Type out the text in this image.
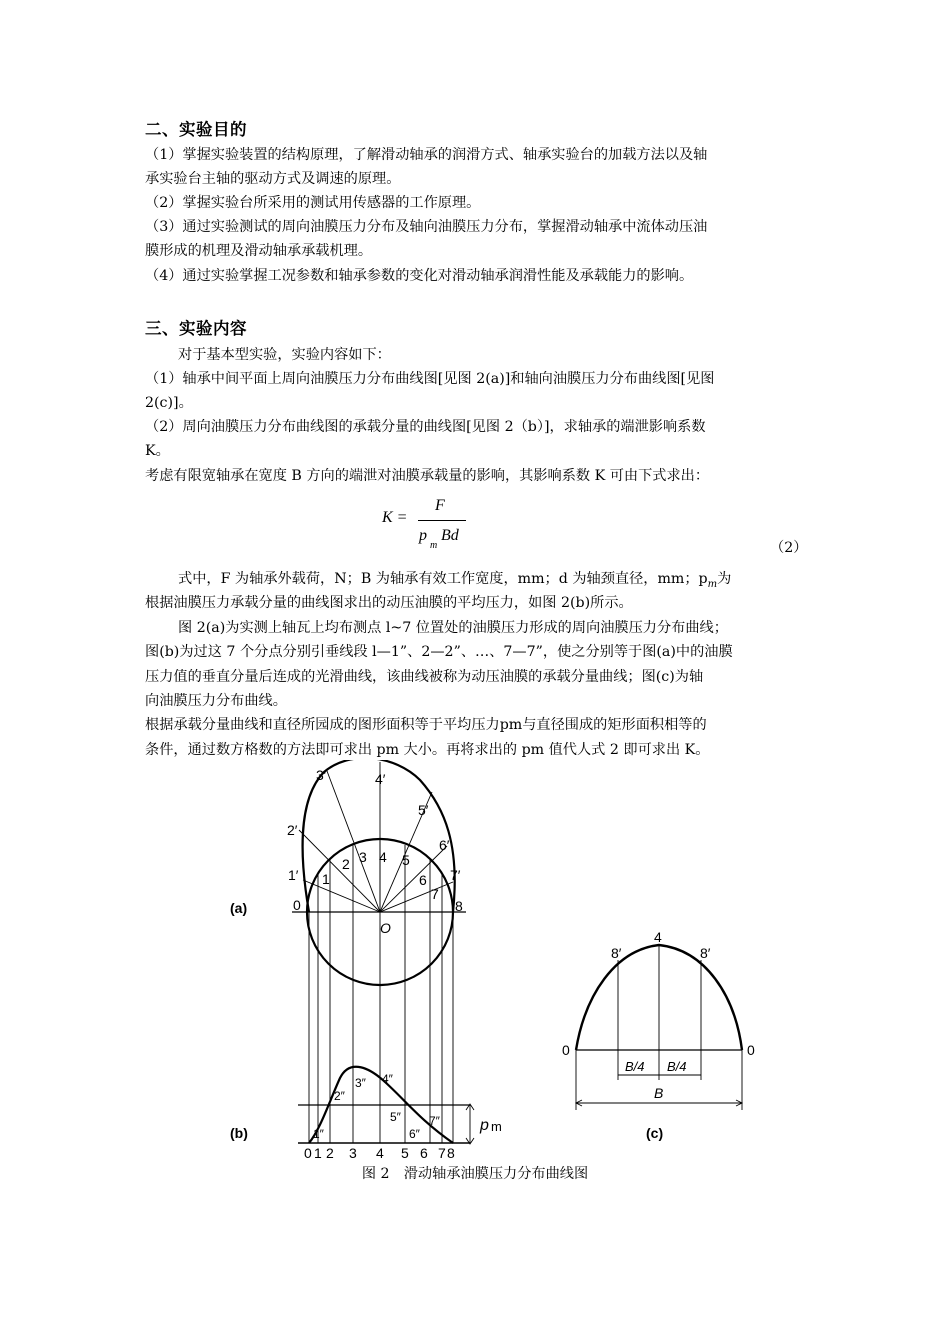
二、实验目的
（1）掌握实验装置的结构原理，了解滑动轴承的润滑方式、轴承实验台的加载方法以及轴
承实验台主轴的驱动方式及调速的原理。
（2）掌握实验台所采用的测试用传感器的工作原理。
（3）通过实验测试的周向油膜压力分布及轴向油膜压力分布，掌握滑动轴承中流体动压油
膜形成的机理及滑动轴承承载机理。
（4）通过实验掌握工况参数和轴承参数的变化对滑动轴承润滑性能及承载能力的影响。
三、实验内容
对于基本型实验，实验内容如下：
（1）轴承中间平面上周向油膜压力分布曲线图[见图 2(a)]和轴向油膜压力分布曲线图[见图
2(c)]。
（2）周向油膜压力分布曲线图的承载分量的曲线图[见图 2（b）]，求轴承的端泄影响系数
K。
考虑有限宽轴承在宽度 B 方向的端泄对油膜承载量的影响，其影响系数 K 可由下式求出：
K =
F
p
m
Bd
（2）
式中，F 为轴承外载荷，N；B 为轴承有效工作宽度，mm；d 为轴颈直径，mm；$p_m$为
根据油膜压力承载分量的曲线图求出的动压油膜的平均压力，如图 2(b)所示。
图 2(a)为实测上轴瓦上均布测点 l~7 位置处的油膜压力形成的周向油膜压力分布曲线；
图(b)为过这 7 个分点分别引垂线段 l—1”、2—2”、…、7—7”，使之分别等于图(a)中的油膜
压力值的垂直分量后连成的光滑曲线，该曲线被称为动压油膜的承载分量曲线；图(c)为轴
向油膜压力分布曲线。
根据承载分量曲线和直径所园成的图形面积等于平均压力pm与直径围成的矩形面积相等的
条件，通过数方格数的方法即可求出 pm 大小。再将求出的 pm 值代人式 2 即可求出 K。
(a)
(b)	(c)
O
0	8
1′
2′
3′	4′
5′
6′
7′
1
2 3 4 5
6
7
1″
2″
3″ 4″
5″
6″
7″
0 1 2 3 4 5 6 7 8
p m
4
8′	8′
0	0
B/4 B/4
B
图 2　滑动轴承油膜压力分布曲线图
